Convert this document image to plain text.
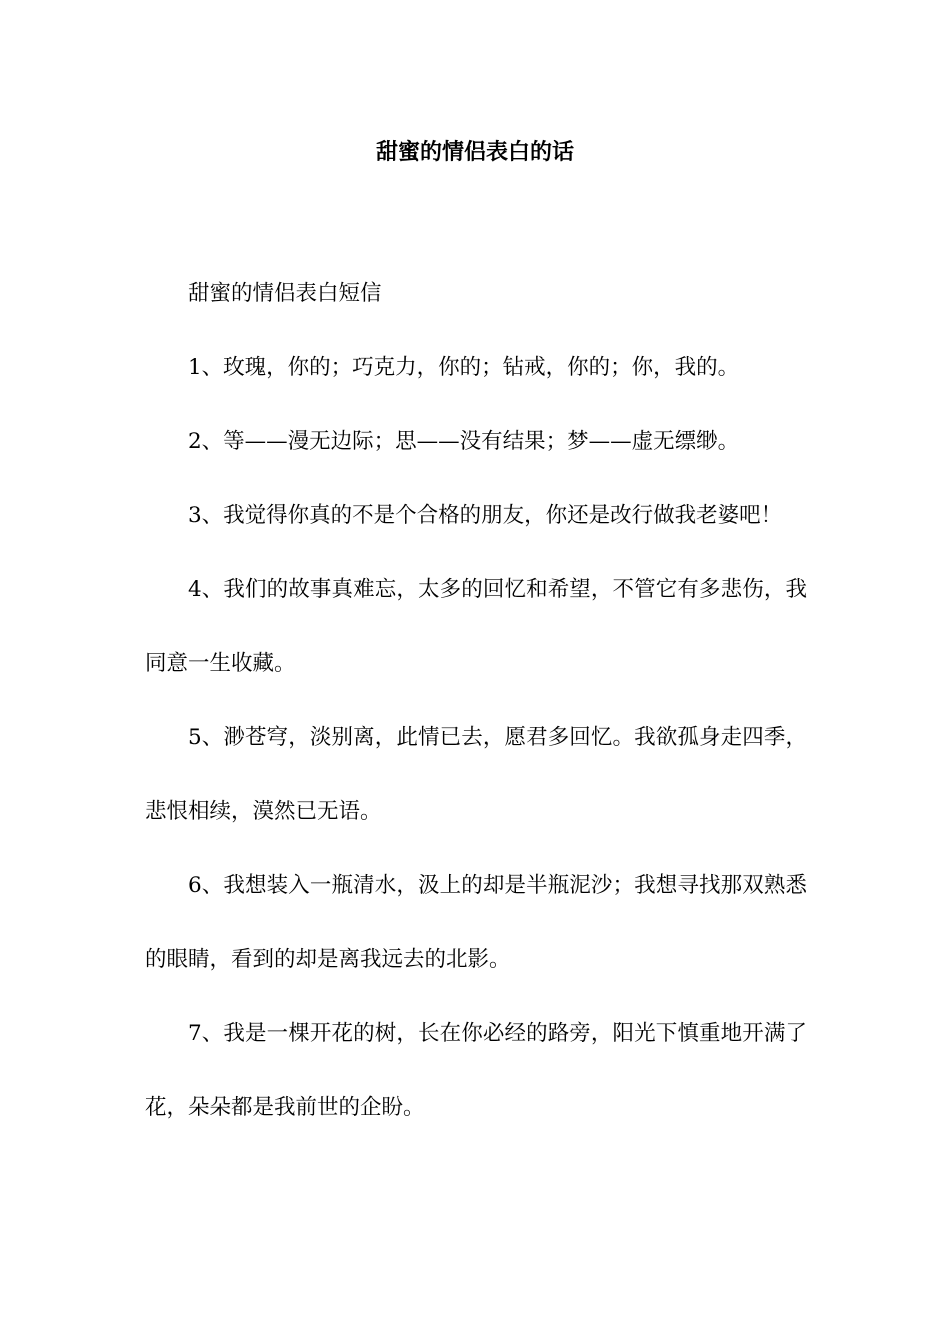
甜蜜的情侣表白的话

甜蜜的情侣表白短信

1、玫瑰，你的；巧克力，你的；钻戒，你的；你，我的。

2、等——漫无边际；思——没有结果；梦——虚无缥缈。

3、我觉得你真的不是个合格的朋友，你还是改行做我老婆吧！

4、我们的故事真难忘，太多的回忆和希望，不管它有多悲伤，我同意一生收藏。

5、渺苍穹，淡别离，此情已去，愿君多回忆。我欲孤身走四季，悲恨相续，漠然已无语。

6、我想装入一瓶清水，汲上的却是半瓶泥沙；我想寻找那双熟悉的眼睛，看到的却是离我远去的北影。

7、我是一棵开花的树，长在你必经的路旁，阳光下慎重地开满了花，朵朵都是我前世的企盼。
